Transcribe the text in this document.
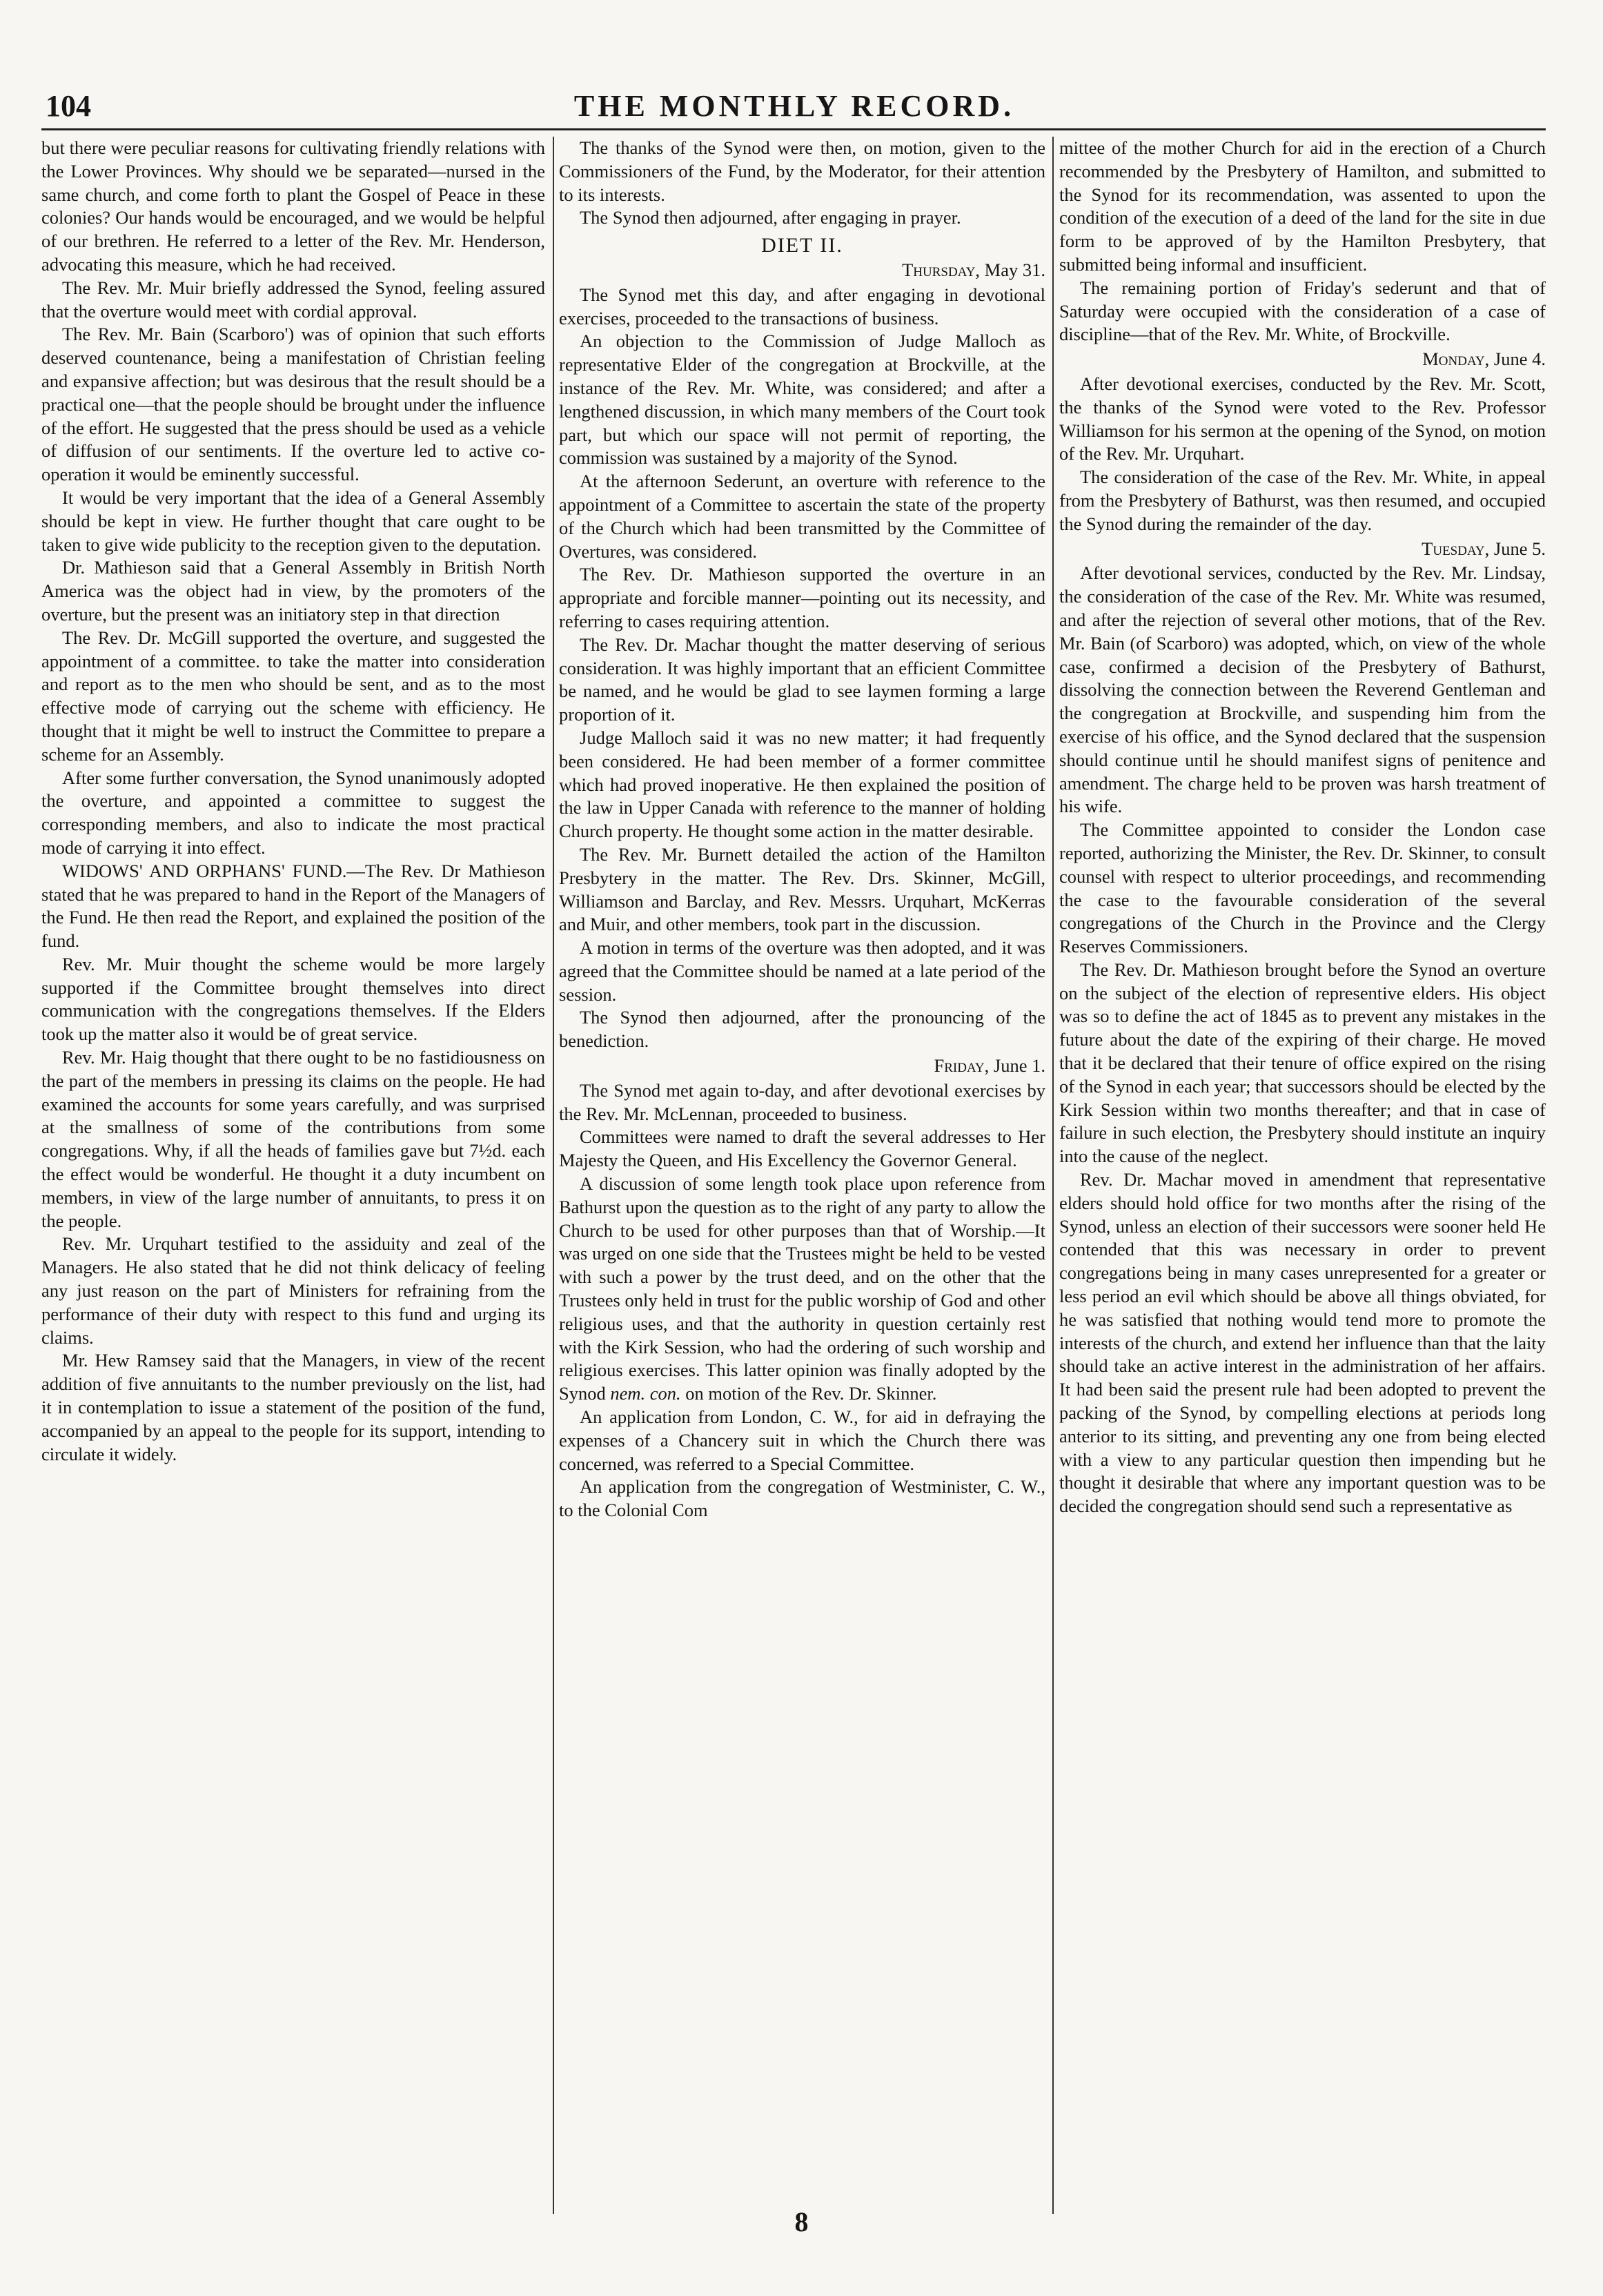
104	THE MONTHLY RECORD.

but there were peculiar reasons for cultivating friendly relations with the Lower Provinces. Why should we be separated—nursed in the same church, and come forth to plant the Gospel of Peace in these colonies? Our hands would be encouraged, and we would be helpful of our brethren. He referred to a letter of the Rev. Mr. Henderson, advocating this measure, which he had received.

The Rev. Mr. Muir briefly addressed the Synod, feeling assured that the overture would meet with cordial approval.

The Rev. Mr. Bain (Scarboro') was of opinion that such efforts deserved countenance, being a manifestation of Christian feeling and expansive affection; but was desirous that the result should be a practical one—that the people should be brought under the influence of the effort. He suggested that the press should be used as a vehicle of diffusion of our sentiments. If the overture led to active co-operation it would be eminently successful.

It would be very important that the idea of a General Assembly should be kept in view. He further thought that care ought to be taken to give wide publicity to the reception given to the deputation.

Dr. Mathieson said that a General Assembly in British North America was the object had in view, by the promoters of the overture, but the present was an initiatory step in that direction

The Rev. Dr. McGill supported the overture, and suggested the appointment of a committee. to take the matter into consideration and report as to the men who should be sent, and as to the most effective mode of carrying out the scheme with efficiency. He thought that it might be well to instruct the Committee to prepare a scheme for an Assembly.

After some further conversation, the Synod unanimously adopted the overture, and appointed a committee to suggest the corresponding members, and also to indicate the most practical mode of carrying it into effect.

WIDOWS' AND ORPHANS' FUND.—The Rev. Dr Mathieson stated that he was prepared to hand in the Report of the Managers of the Fund. He then read the Report, and explained the position of the fund.

Rev. Mr. Muir thought the scheme would be more largely supported if the Committee brought themselves into direct communication with the congregations themselves. If the Elders took up the matter also it would be of great service.

Rev. Mr. Haig thought that there ought to be no fastidiousness on the part of the members in pressing its claims on the people. He had examined the accounts for some years carefully, and was surprised at the smallness of some of the contributions from some congregations. Why, if all the heads of families gave but 7½d. each the effect would be wonderful. He thought it a duty incumbent on members, in view of the large number of annuitants, to press it on the people.

Rev. Mr. Urquhart testified to the assiduity and zeal of the Managers. He also stated that he did not think delicacy of feeling any just reason on the part of Ministers for refraining from the performance of their duty with respect to this fund and urging its claims.

Mr. Hew Ramsey said that the Managers, in view of the recent addition of five annuitants to the number previously on the list, had it in contemplation to issue a statement of the position of the fund, accompanied by an appeal to the people for its support, intending to circulate it widely.

The thanks of the Synod were then, on motion, given to the Commissioners of the Fund, by the Moderator, for their attention to its interests.

The Synod then adjourned, after engaging in prayer.

DIET II.
Thursday, May 31.

The Synod met this day, and after engaging in devotional exercises, proceeded to the transactions of business.

An objection to the Commission of Judge Malloch as representative Elder of the congregation at Brockville, at the instance of the Rev. Mr. White, was considered; and after a lengthened discussion, in which many members of the Court took part, but which our space will not permit of reporting, the commission was sustained by a majority of the Synod.

At the afternoon Sederunt, an overture with reference to the appointment of a Committee to ascertain the state of the property of the Church which had been transmitted by the Committee of Overtures, was considered.

The Rev. Dr. Mathieson supported the overture in an appropriate and forcible manner—pointing out its necessity, and referring to cases requiring attention.

The Rev. Dr. Machar thought the matter deserving of serious consideration. It was highly important that an efficient Committee be named, and he would be glad to see laymen forming a large proportion of it.

Judge Malloch said it was no new matter; it had frequently been considered. He had been member of a former committee which had proved inoperative. He then explained the position of the law in Upper Canada with reference to the manner of holding Church property. He thought some action in the matter desirable.

The Rev. Mr. Burnett detailed the action of the Hamilton Presbytery in the matter. The Rev. Drs. Skinner, McGill, Williamson and Barclay, and Rev. Messrs. Urquhart, McKerras and Muir, and other members, took part in the discussion.

A motion in terms of the overture was then adopted, and it was agreed that the Committee should be named at a late period of the session.

The Synod then adjourned, after the pronouncing of the benediction.

Friday, June 1.

The Synod met again to-day, and after devotional exercises by the Rev. Mr. McLennan, proceeded to business.

Committees were named to draft the several addresses to Her Majesty the Queen, and His Excellency the Governor General.

A discussion of some length took place upon reference from Bathurst upon the question as to the right of any party to allow the Church to be used for other purposes than that of Worship.—It was urged on one side that the Trustees might be held to be vested with such a power by the trust deed, and on the other that the Trustees only held in trust for the public worship of God and other religious uses, and that the authority in question certainly rest with the Kirk Session, who had the ordering of such worship and religious exercises. This latter opinion was finally adopted by the Synod nem. con. on motion of the Rev. Dr. Skinner.

An application from London, C. W., for aid in defraying the expenses of a Chancery suit in which the Church there was concerned, was referred to a Special Committee.

An application from the congregation of Westminister, C. W., to the Colonial Com

mittee of the mother Church for aid in the erection of a Church recommended by the Presbytery of Hamilton, and submitted to the Synod for its recommendation, was assented to upon the condition of the execution of a deed of the land for the site in due form to be approved of by the Hamilton Presbytery, that submitted being informal and insufficient.

The remaining portion of Friday's sederunt and that of Saturday were occupied with the consideration of a case of discipline—that of the Rev. Mr. White, of Brockville.

Monday, June 4.

After devotional exercises, conducted by the Rev. Mr. Scott, the thanks of the Synod were voted to the Rev. Professor Williamson for his sermon at the opening of the Synod, on motion of the Rev. Mr. Urquhart.

The consideration of the case of the Rev. Mr. White, in appeal from the Presbytery of Bathurst, was then resumed, and occupied the Synod during the remainder of the day.

Tuesday, June 5.

After devotional services, conducted by the Rev. Mr. Lindsay, the consideration of the case of the Rev. Mr. White was resumed, and after the rejection of several other motions, that of the Rev. Mr. Bain (of Scarboro) was adopted, which, on view of the whole case, confirmed a decision of the Presbytery of Bathurst, dissolving the connection between the Reverend Gentleman and the congregation at Brockville, and suspending him from the exercise of his office, and the Synod declared that the suspension should continue until he should manifest signs of penitence and amendment. The charge held to be proven was harsh treatment of his wife.

The Committee appointed to consider the London case reported, authorizing the Minister, the Rev. Dr. Skinner, to consult counsel with respect to ulterior proceedings, and recommending the case to the favourable consideration of the several congregations of the Church in the Province and the Clergy Reserves Commissioners.

The Rev. Dr. Mathieson brought before the Synod an overture on the subject of the election of representive elders. His object was so to define the act of 1845 as to prevent any mistakes in the future about the date of the expiring of their charge. He moved that it be declared that their tenure of office expired on the rising of the Synod in each year; that successors should be elected by the Kirk Session within two months thereafter; and that in case of failure in such election, the Presbytery should institute an inquiry into the cause of the neglect.

Rev. Dr. Machar moved in amendment that representative elders should hold office for two months after the rising of the Synod, unless an election of their successors were sooner held He contended that this was necessary in order to prevent congregations being in many cases unrepresented for a greater or less period an evil which should be above all things obviated, for he was satisfied that nothing would tend more to promote the interests of the church, and extend her influence than that the laity should take an active interest in the administration of her affairs. It had been said the present rule had been adopted to prevent the packing of the Synod, by compelling elections at periods long anterior to its sitting, and preventing any one from being elected with a view to any particular question then impending but he thought it desirable that where any important question was to be decided the congregation should send such a representative as

8
